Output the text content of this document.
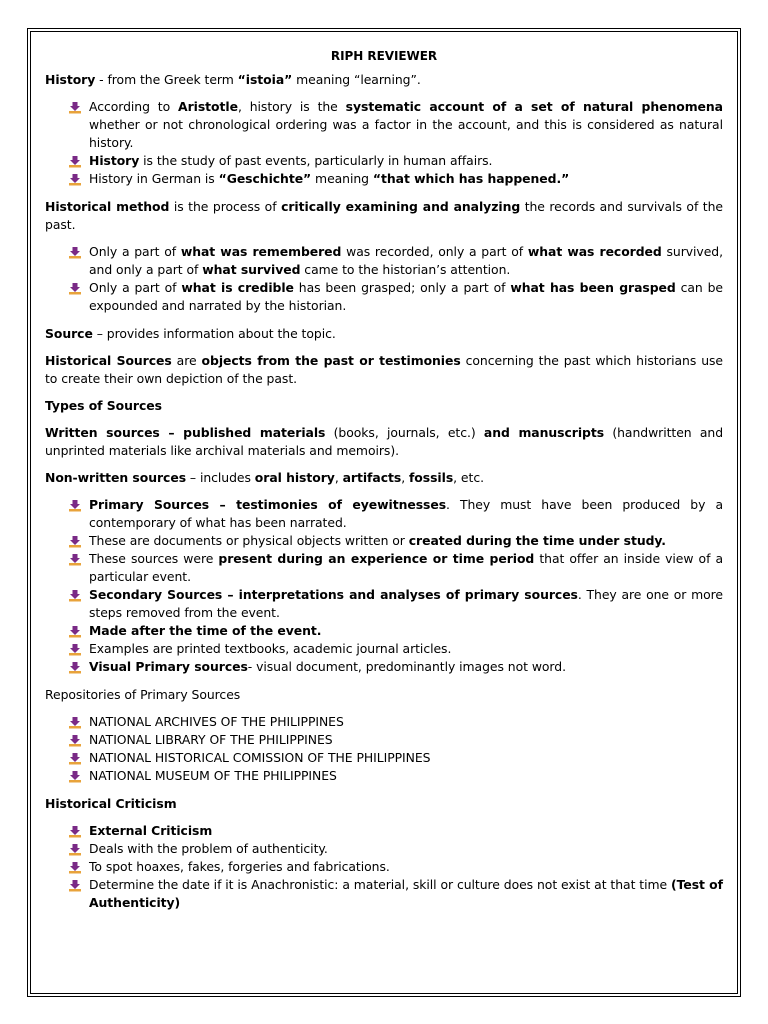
RIPH REVIEWER

History - from the Greek term “istoia” meaning “learning”.

According to Aristotle, history is the systematic account of a set of natural phenomena whether or not chronological ordering was a factor in the account, and this is considered as natural history.
History is the study of past events, particularly in human affairs.
History in German is “Geschichte” meaning “that which has happened.”

Historical method is the process of critically examining and analyzing the records and survivals of the past.

Only a part of what was remembered was recorded, only a part of what was recorded survived, and only a part of what survived came to the historian’s attention.
Only a part of what is credible has been grasped; only a part of what has been grasped can be expounded and narrated by the historian.

Source – provides information about the topic.

Historical Sources are objects from the past or testimonies concerning the past which historians use to create their own depiction of the past.

Types of Sources

Written sources – published materials (books, journals, etc.) and manuscripts (handwritten and unprinted materials like archival materials and memoirs).

Non-written sources – includes oral history, artifacts, fossils, etc.

Primary Sources – testimonies of eyewitnesses. They must have been produced by a contemporary of what has been narrated.
These are documents or physical objects written or created during the time under study.
These sources were present during an experience or time period that offer an inside view of a particular event.
Secondary Sources – interpretations and analyses of primary sources. They are one or more steps removed from the event.
Made after the time of the event.
Examples are printed textbooks, academic journal articles.
Visual Primary sources- visual document, predominantly images not word.

Repositories of Primary Sources

NATIONAL ARCHIVES OF THE PHILIPPINES
NATIONAL LIBRARY OF THE PHILIPPINES
NATIONAL HISTORICAL COMISSION OF THE PHILIPPINES
NATIONAL MUSEUM OF THE PHILIPPINES

Historical Criticism

External Criticism
Deals with the problem of authenticity.
To spot hoaxes, fakes, forgeries and fabrications.
Determine the date if it is Anachronistic: a material, skill or culture does not exist at that time (Test of Authenticity)
